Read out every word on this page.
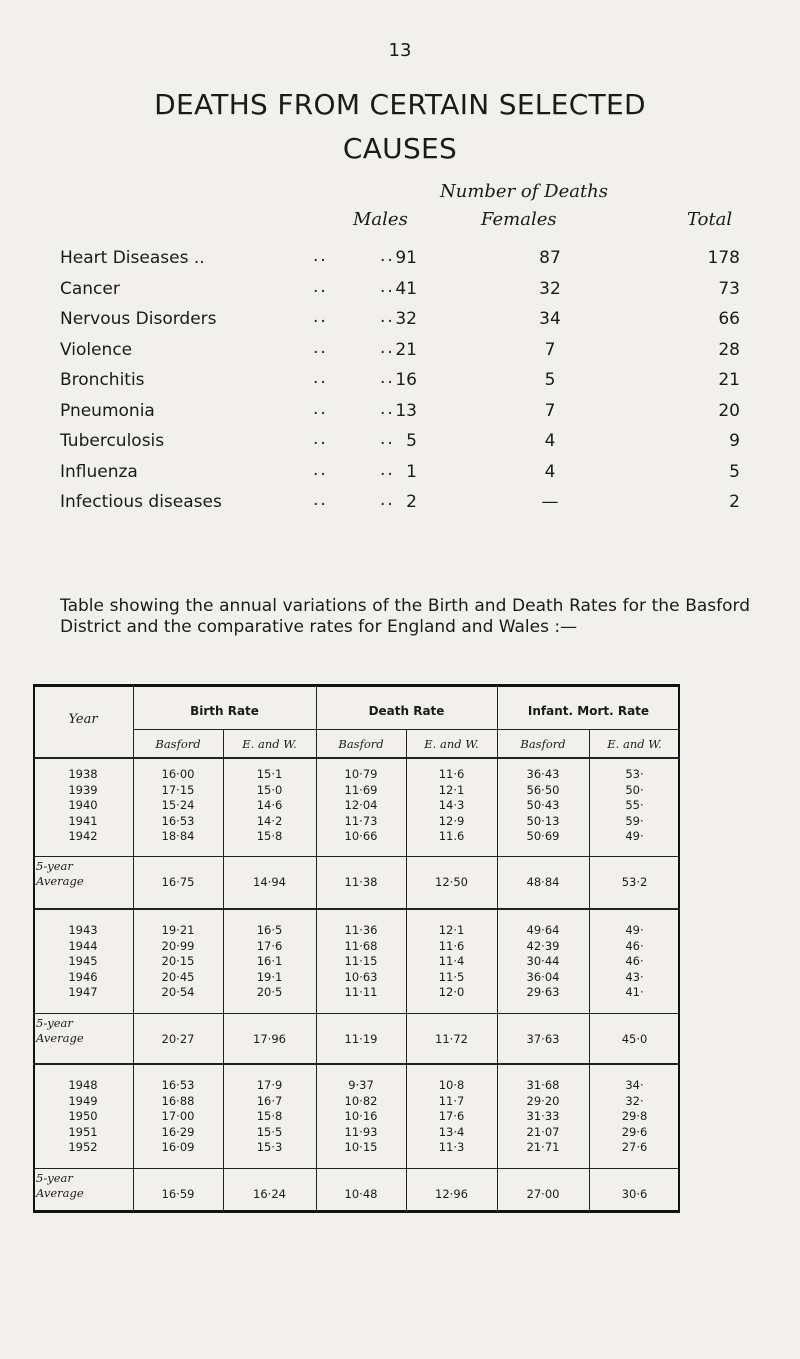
13
DEATHS FROM CERTAIN SELECTED
CAUSES
Number of Deaths
Males	Females	Total
Heart Diseases ..	..	.. 91	87	178
Cancer	..	.. 41	32	73
Nervous Disorders	..	.. 32	34	66
Violence	..	.. 21	7	28
Bronchitis	..	.. 16	5	21
Pneumonia	..	.. 13	7	20
Tuberculosis	..	.. 5	4	9
Influenza	..	.. 1	4	5
Infectious diseases	..	.. 2	—	2
Table showing the annual variations of the Birth and Death Rates for the Basford District and the comparative rates for England and Wales :—
Year
Birth Rate	Death Rate	Infant. Mort. Rate
Basford	E. and W.	Basford	E. and W.	Basford	E. and W.
1938	16·00	15·1	10·79	11·6	36·43	53·
1939	17·15	15·0	11·69	12·1	56·50	50·
1940	15·24	14·6	12·04	14·3	50·43	55·
1941	16·53	14·2	11·73	12·9	50·13	59·
1942	18·84	15·8	10·66	11.6	50·69	49·
5-year
Average	16·75	14·94	11·38	12·50	48·84	53·2
1943	19·21	16·5	11·36	12·1	49·64	49·
1944	20·99	17·6	11·68	11·6	42·39	46·
1945	20·15	16·1	11·15	11·4	30·44	46·
1946	20·45	19·1	10·63	11·5	36·04	43·
1947	20·54	20·5	11·11	12·0	29·63	41·
5-year
Average	20·27	17·96	11·19	11·72	37·63	45·0
1948	16·53	17·9	9·37	10·8	31·68	34·
1949	16·88	16·7	10·82	11·7	29·20	32·
1950	17·00	15·8	10·16	17·6	31·33	29·8
1951	16·29	15·5	11·93	13·4	21·07	29·6
1952	16·09	15·3	10·15	11·3	21·71	27·6
5-year
Average	16·59	16·24	10·48	12·96	27·00	30·6
